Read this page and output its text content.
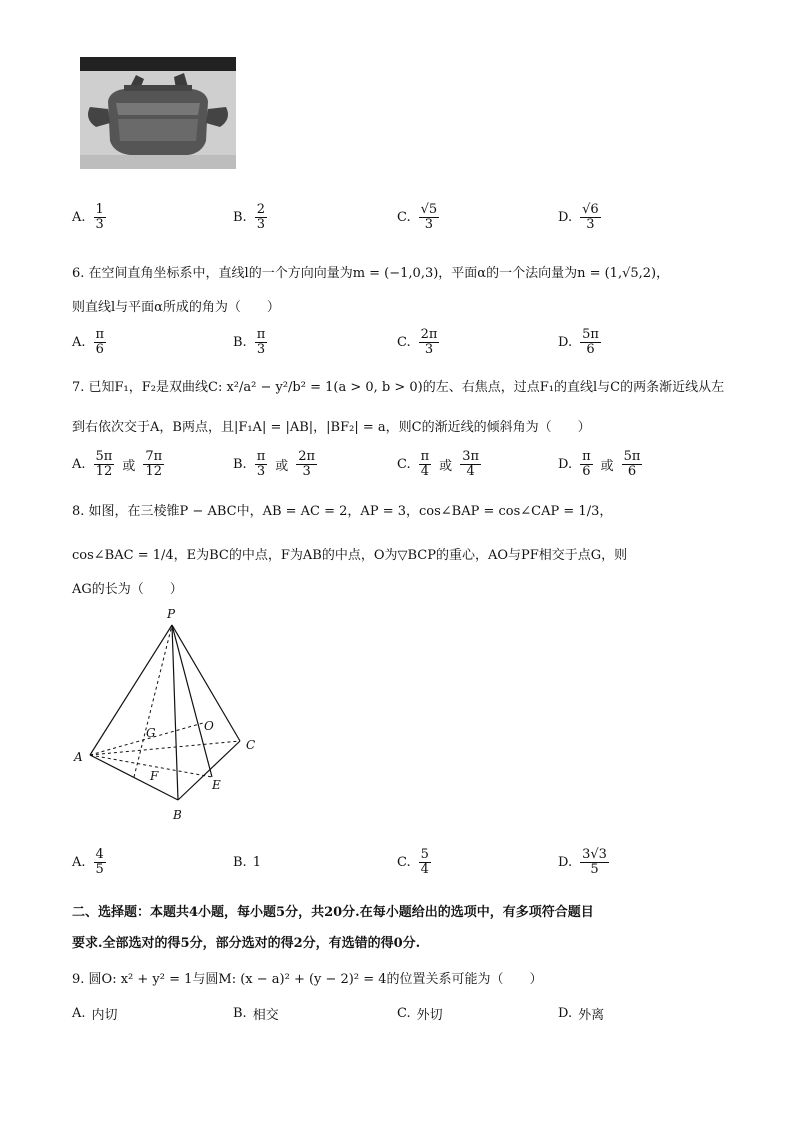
A. $\frac{1}{3}$	B. $\frac{2}{3}$	C. $\frac{√5}{3}$	D. $\frac{√6}{3}$
6. 在空间直角坐标系中，直线l的一个方向向量为m = (−1,0,3)，平面α的一个法向量为n = (1,√5,2)，
则直线l与平面α所成的角为（　　）
A. $\frac{\pi}{6}$	B. $\frac{\pi}{3}$	C. $\frac{2\pi}{3}$	D. $\frac{5\pi}{6}$
7. 已知F₁，F₂是双曲线C: x²/a² − y²/b² = 1(a > 0, b > 0)的左、右焦点，过点F₁的直线l与C的两条渐近线从左
到右依次交于A，B两点，且|F₁A| = |AB|，|BF₂| = a，则C的渐近线的倾斜角为（　　）
A. $\frac{5\pi}{12}$ 或 $\frac{7\pi}{12}$	B. $\frac{\pi}{3}$ 或 $\frac{2\pi}{3}$	C. $\frac{\pi}{4}$ 或 $\frac{3\pi}{4}$	D. $\frac{\pi}{6}$ 或 $\frac{5\pi}{6}$
8. 如图，在三棱锥P − ABC中，AB = AC = 2，AP = 3，cos∠BAP = cos∠CAP = 1/3，
cos∠BAC = 1/4，E为BC的中点，F为AB的中点，O为▽BCP的重心，AO与PF相交于点G，则
AG的长为（　　）
P
A
B
C
E
F
G	O
A. $\frac{4}{5}$	B. 1	C. $\frac{5}{4}$	D. $\frac{3√3}{5}$
二、选择题：本题共4小题，每小题5分，共20分.在每小题给出的选项中，有多项符合题目
要求.全部选对的得5分，部分选对的得2分，有选错的得0分.
9. 圆O: x² + y² = 1与圆M: (x − a)² + (y − 2)² = 4的位置关系可能为（　　）
A. 内切	B. 相交	C. 外切	D. 外离
